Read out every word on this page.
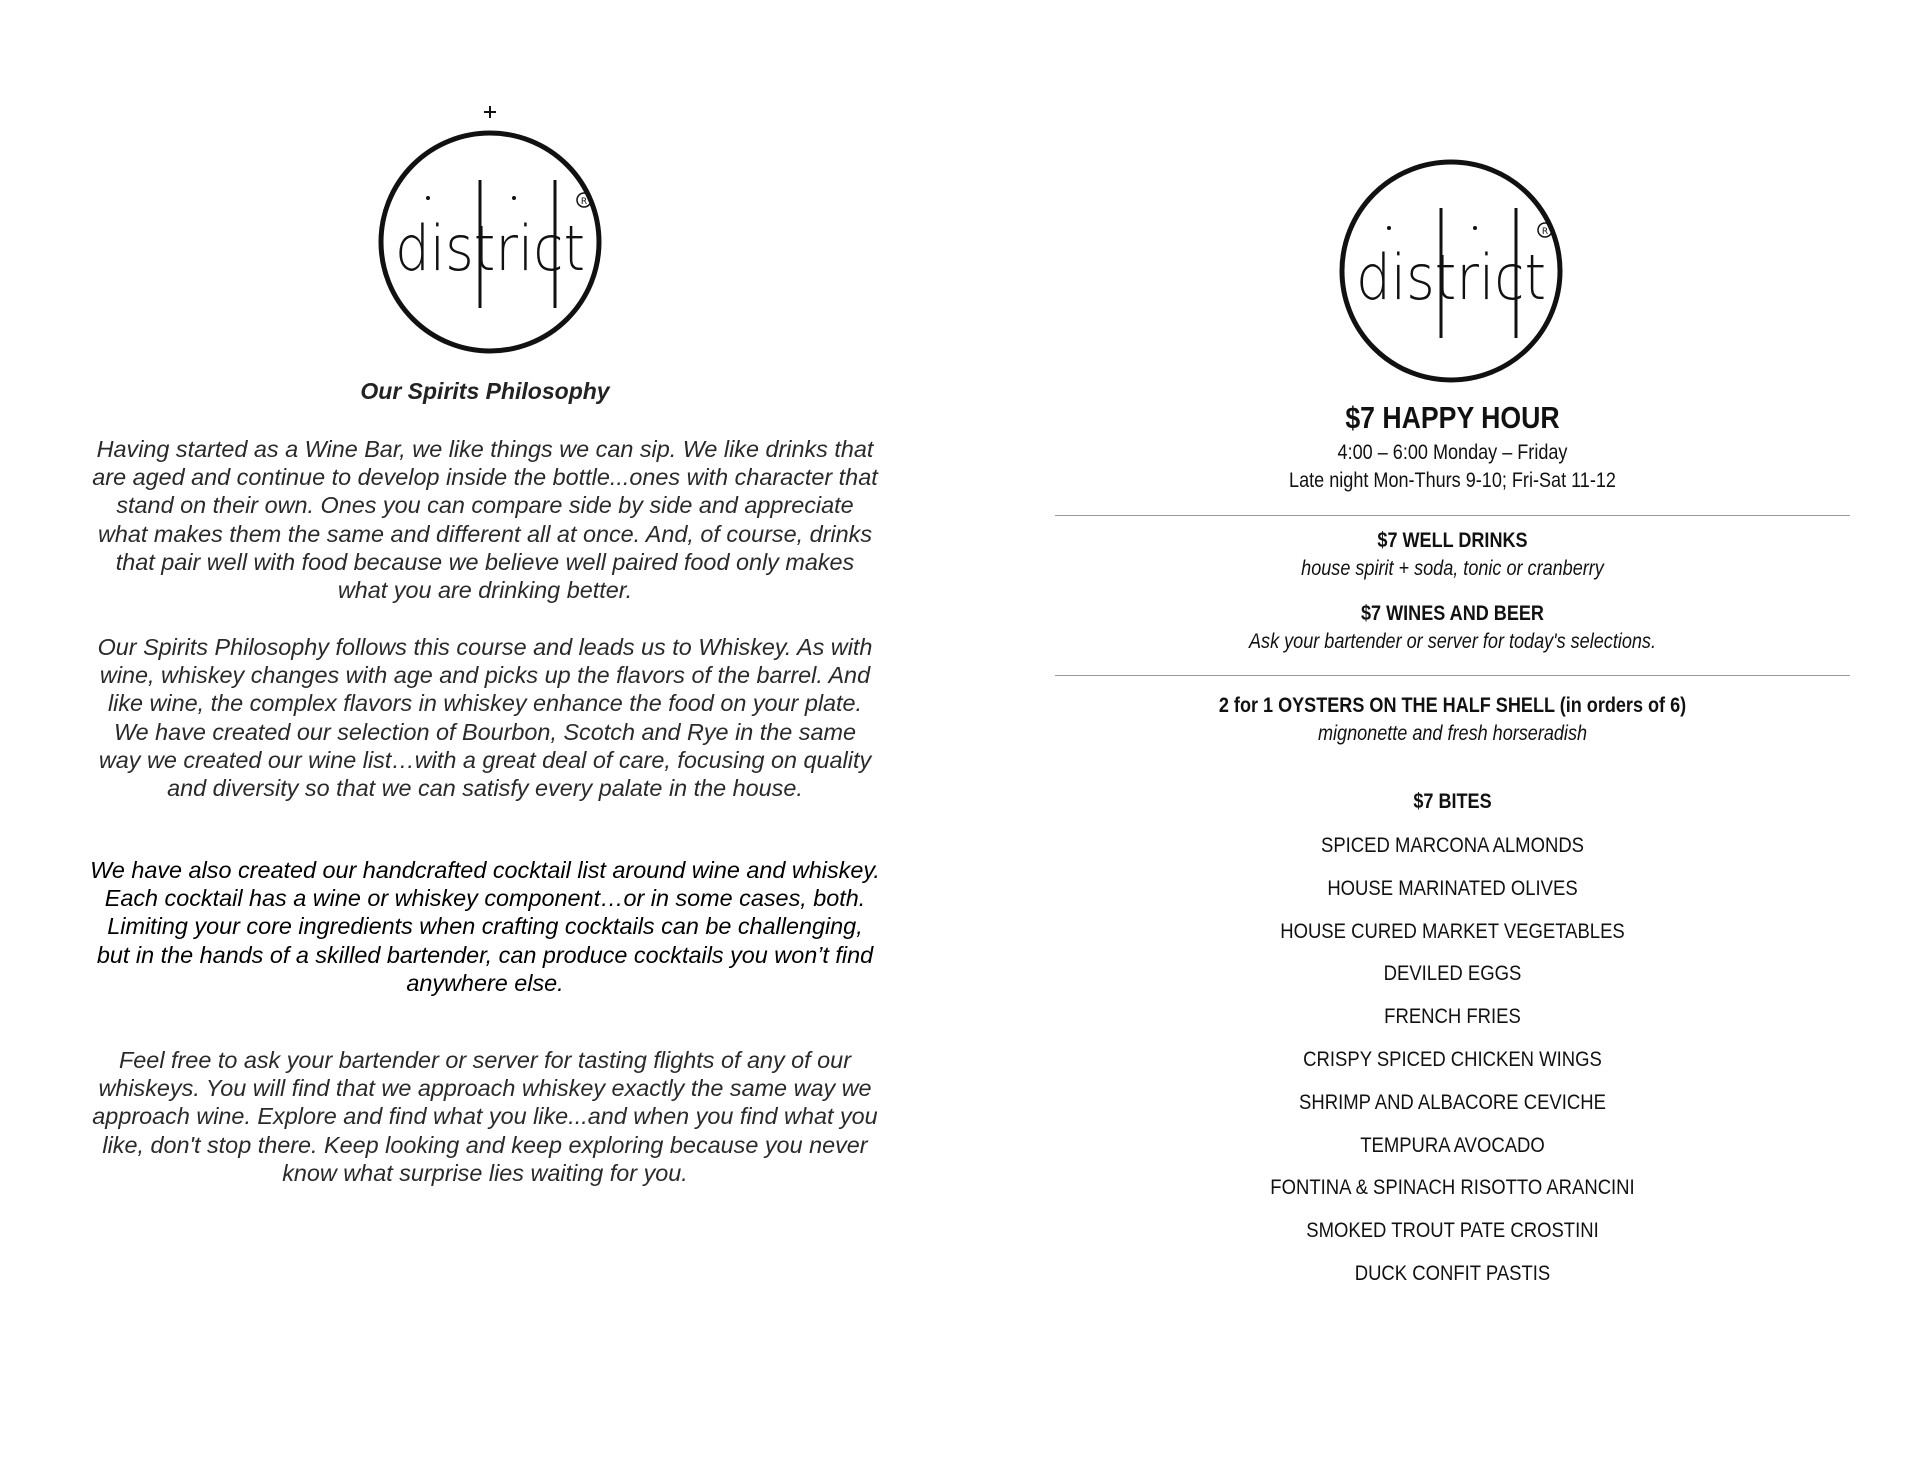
R
district

Our Spirits Philosophy

Having started as a Wine Bar, we like things we can sip. We like drinks that are aged and continue to develop inside the bottle...ones with character that stand on their own. Ones you can compare side by side and appreciate what makes them the same and different all at once. And, of course, drinks that pair well with food because we believe well paired food only makes what you are drinking better.

Our Spirits Philosophy follows this course and leads us to Whiskey. As with wine, whiskey changes with age and picks up the flavors of the barrel. And like wine, the complex flavors in whiskey enhance the food on your plate. We have created our selection of Bourbon, Scotch and Rye in the same way we created our wine list…with a great deal of care, focusing on quality and diversity so that we can satisfy every palate in the house.

We have also created our handcrafted cocktail list around wine and whiskey. Each cocktail has a wine or whiskey component…or in some cases, both. Limiting your core ingredients when crafting cocktails can be challenging, but in the hands of a skilled bartender, can produce cocktails you won’t find anywhere else.

Feel free to ask your bartender or server for tasting flights of any of our whiskeys. You will find that we approach whiskey exactly the same way we approach wine. Explore and find what you like...and when you find what you like, don't stop there. Keep looking and keep exploring because you never know what surprise lies waiting for you.

R
district

$7 HAPPY HOUR

4:00 – 6:00 Monday – Friday

Late night Mon-Thurs 9-10; Fri-Sat 11-12

$7 WELL DRINKS

house spirit + soda, tonic or cranberry

$7 WINES AND BEER

Ask your bartender or server for today's selections.

2 for 1 OYSTERS ON THE HALF SHELL (in orders of 6)

mignonette and fresh horseradish

$7 BITES

SPICED MARCONA ALMONDS
HOUSE MARINATED OLIVES
HOUSE CURED MARKET VEGETABLES
DEVILED EGGS
FRENCH FRIES
CRISPY SPICED CHICKEN WINGS
SHRIMP AND ALBACORE CEVICHE
TEMPURA AVOCADO
FONTINA & SPINACH RISOTTO ARANCINI
SMOKED TROUT PATE CROSTINI
DUCK CONFIT PASTIS
